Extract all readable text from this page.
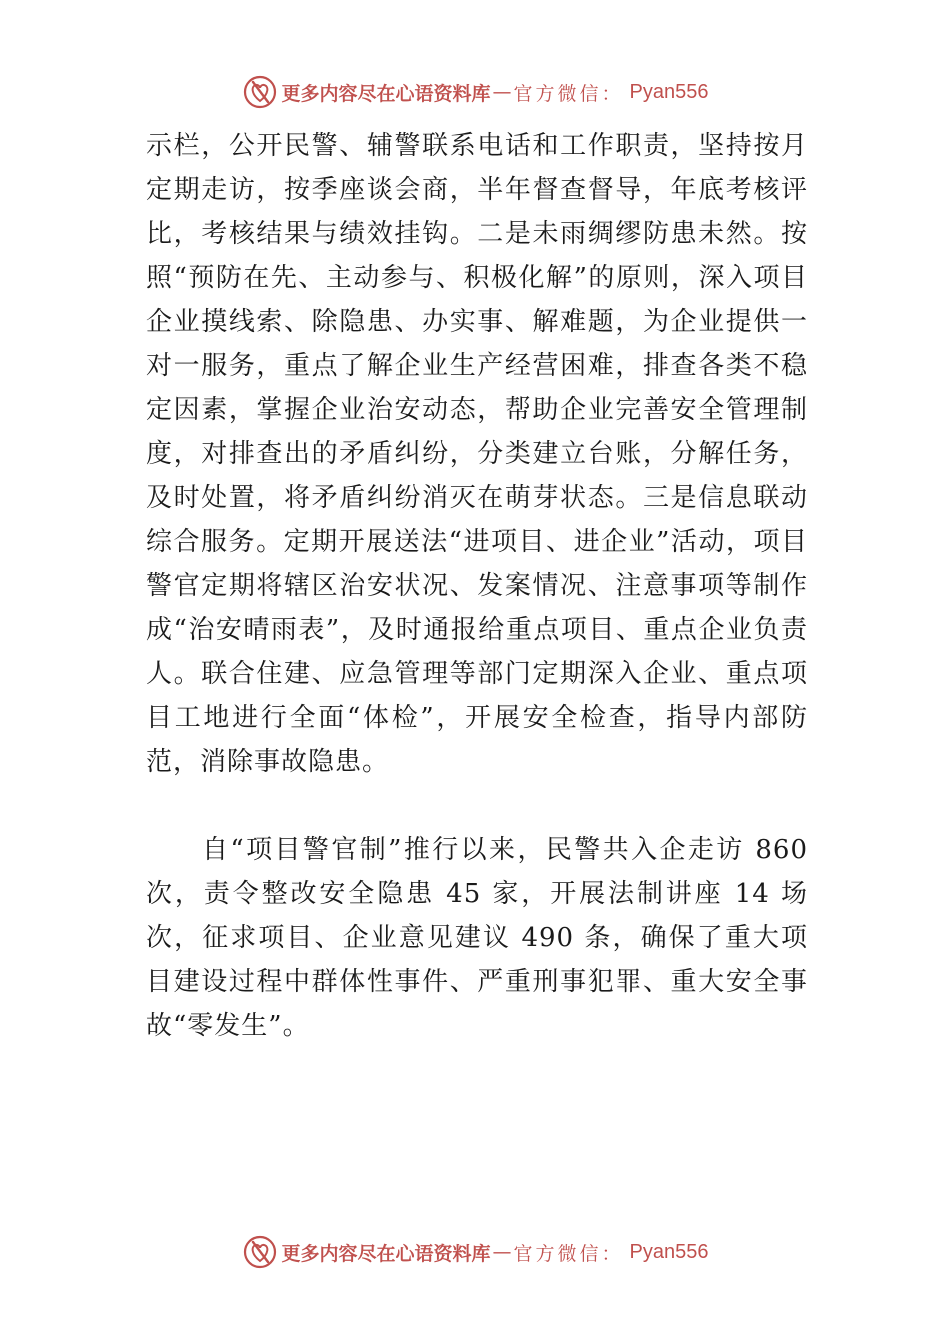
更多内容尽在心语资料库 — 官方微信： Pyan556

示栏，公开民警、辅警联系电话和工作职责，坚持按月定期走访，按季座谈会商，半年督查督导，年底考核评比，考核结果与绩效挂钩。二是未雨绸缪防患未然。按照“预防在先、主动参与、积极化解”的原则，深入项目企业摸线索、除隐患、办实事、解难题，为企业提供一对一服务，重点了解企业生产经营困难，排查各类不稳定因素，掌握企业治安动态，帮助企业完善安全管理制度，对排查出的矛盾纠纷，分类建立台账，分解任务，及时处置，将矛盾纠纷消灭在萌芽状态。三是信息联动综合服务。定期开展送法“进项目、进企业”活动，项目警官定期将辖区治安状况、发案情况、注意事项等制作成“治安晴雨表”，及时通报给重点项目、重点企业负责人。联合住建、应急管理等部门定期深入企业、重点项目工地进行全面“体检”，开展安全检查，指导内部防范，消除事故隐患。

自“项目警官制”推行以来，民警共入企走访 860 次，责令整改安全隐患 45 家，开展法制讲座 14 场次，征求项目、企业意见建议 490 条，确保了重大项目建设过程中群体性事件、严重刑事犯罪、重大安全事故“零发生”。

更多内容尽在心语资料库 — 官方微信： Pyan556
